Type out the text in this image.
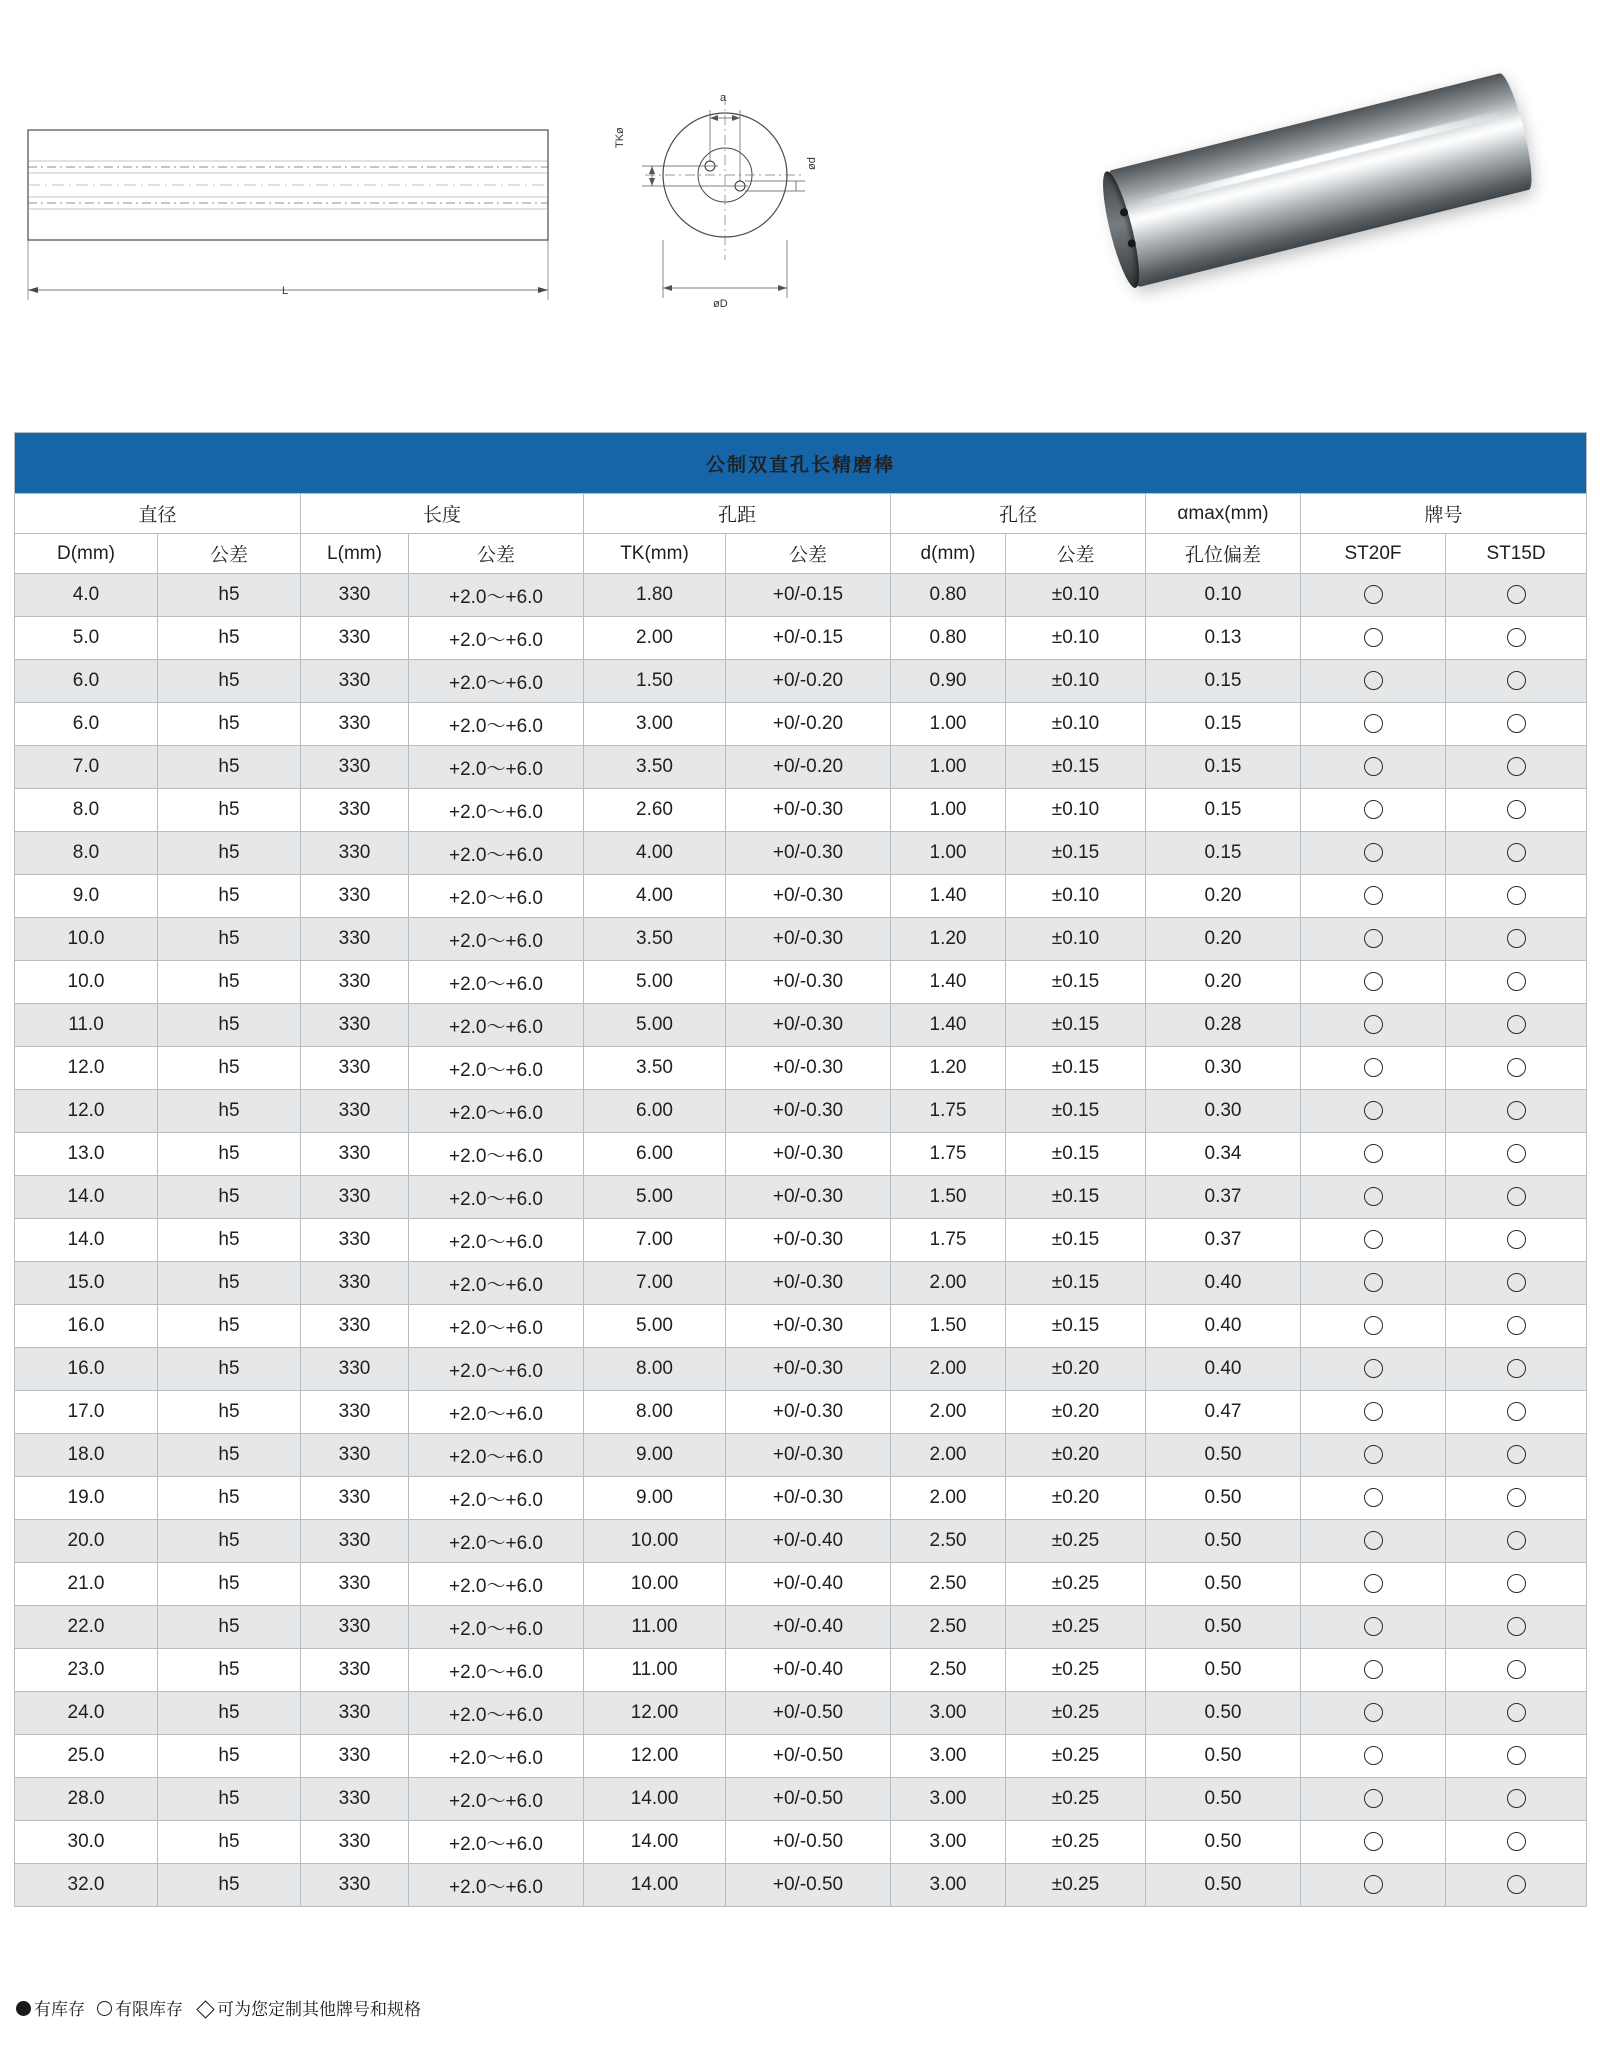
L
TKø
a
ød
øD
公制双直孔长精磨棒										
直径		长度		孔距		孔径		αmax(mm)	牌号	
D(mm)	公差	L(mm)	公差	TK(mm)	公差	d(mm)	公差	孔位偏差	ST20F	ST15D
4.0	h5	330	+2.0〜+6.0	1.80	+0/-0.15	0.80	±0.10	0.10		
5.0	h5	330	+2.0〜+6.0	2.00	+0/-0.15	0.80	±0.10	0.13		
6.0	h5	330	+2.0〜+6.0	1.50	+0/-0.20	0.90	±0.10	0.15		
6.0	h5	330	+2.0〜+6.0	3.00	+0/-0.20	1.00	±0.10	0.15		
7.0	h5	330	+2.0〜+6.0	3.50	+0/-0.20	1.00	±0.15	0.15		
8.0	h5	330	+2.0〜+6.0	2.60	+0/-0.30	1.00	±0.10	0.15		
8.0	h5	330	+2.0〜+6.0	4.00	+0/-0.30	1.00	±0.15	0.15		
9.0	h5	330	+2.0〜+6.0	4.00	+0/-0.30	1.40	±0.10	0.20		
10.0	h5	330	+2.0〜+6.0	3.50	+0/-0.30	1.20	±0.10	0.20		
10.0	h5	330	+2.0〜+6.0	5.00	+0/-0.30	1.40	±0.15	0.20		
11.0	h5	330	+2.0〜+6.0	5.00	+0/-0.30	1.40	±0.15	0.28		
12.0	h5	330	+2.0〜+6.0	3.50	+0/-0.30	1.20	±0.15	0.30		
12.0	h5	330	+2.0〜+6.0	6.00	+0/-0.30	1.75	±0.15	0.30		
13.0	h5	330	+2.0〜+6.0	6.00	+0/-0.30	1.75	±0.15	0.34		
14.0	h5	330	+2.0〜+6.0	5.00	+0/-0.30	1.50	±0.15	0.37		
14.0	h5	330	+2.0〜+6.0	7.00	+0/-0.30	1.75	±0.15	0.37		
15.0	h5	330	+2.0〜+6.0	7.00	+0/-0.30	2.00	±0.15	0.40		
16.0	h5	330	+2.0〜+6.0	5.00	+0/-0.30	1.50	±0.15	0.40		
16.0	h5	330	+2.0〜+6.0	8.00	+0/-0.30	2.00	±0.20	0.40		
17.0	h5	330	+2.0〜+6.0	8.00	+0/-0.30	2.00	±0.20	0.47		
18.0	h5	330	+2.0〜+6.0	9.00	+0/-0.30	2.00	±0.20	0.50		
19.0	h5	330	+2.0〜+6.0	9.00	+0/-0.30	2.00	±0.20	0.50		
20.0	h5	330	+2.0〜+6.0	10.00	+0/-0.40	2.50	±0.25	0.50		
21.0	h5	330	+2.0〜+6.0	10.00	+0/-0.40	2.50	±0.25	0.50		
22.0	h5	330	+2.0〜+6.0	11.00	+0/-0.40	2.50	±0.25	0.50		
23.0	h5	330	+2.0〜+6.0	11.00	+0/-0.40	2.50	±0.25	0.50		
24.0	h5	330	+2.0〜+6.0	12.00	+0/-0.50	3.00	±0.25	0.50		
25.0	h5	330	+2.0〜+6.0	12.00	+0/-0.50	3.00	±0.25	0.50		
28.0	h5	330	+2.0〜+6.0	14.00	+0/-0.50	3.00	±0.25	0.50		
30.0	h5	330	+2.0〜+6.0	14.00	+0/-0.50	3.00	±0.25	0.50		
32.0	h5	330	+2.0〜+6.0	14.00	+0/-0.50	3.00	±0.25	0.50		
有库存 有限库存 可为您定制其他牌号和规格
